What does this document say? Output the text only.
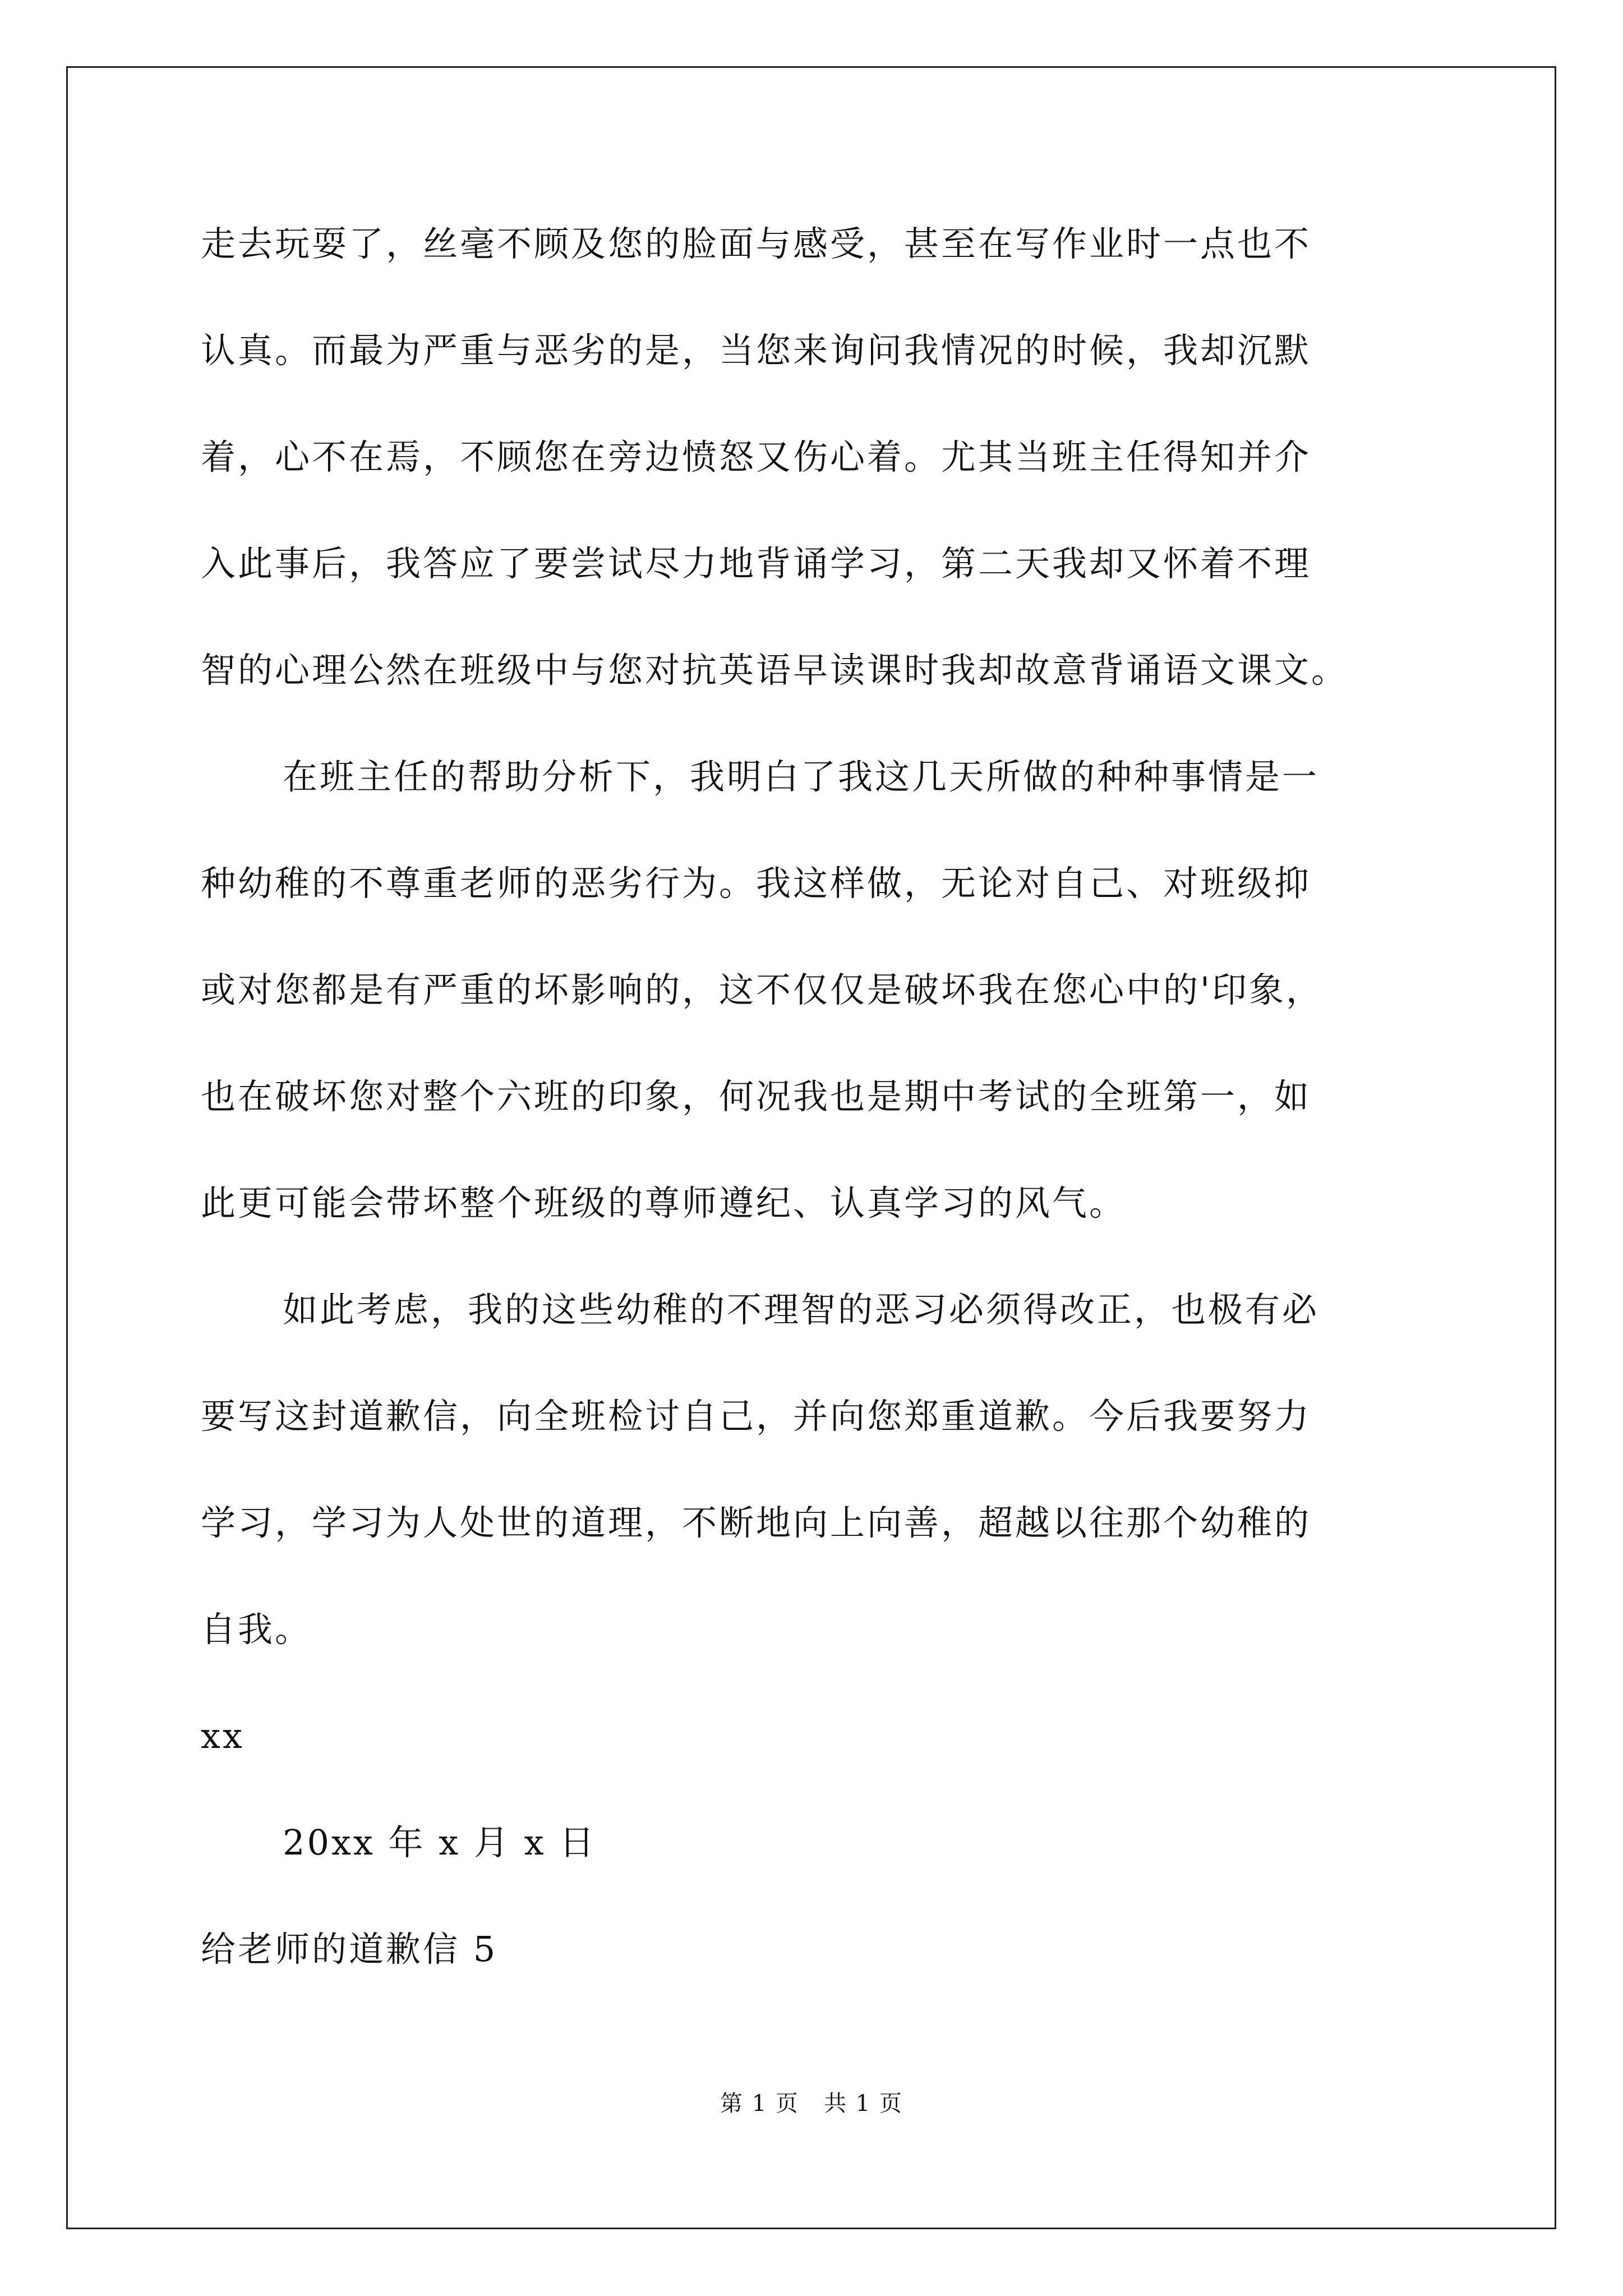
走去玩耍了，丝毫不顾及您的脸面与感受，甚至在写作业时一点也不
认真。而最为严重与恶劣的是，当您来询问我情况的时候，我却沉默
着，心不在焉，不顾您在旁边愤怒又伤心着。尤其当班主任得知并介
入此事后，我答应了要尝试尽力地背诵学习，第二天我却又怀着不理
智的心理公然在班级中与您对抗英语早读课时我却故意背诵语文课文。
在班主任的帮助分析下，我明白了我这几天所做的种种事情是一
种幼稚的不尊重老师的恶劣行为。我这样做，无论对自己、对班级抑
或对您都是有严重的坏影响的，这不仅仅是破坏我在您心中的'印象，
也在破坏您对整个六班的印象，何况我也是期中考试的全班第一，如
此更可能会带坏整个班级的尊师遵纪、认真学习的风气。
如此考虑，我的这些幼稚的不理智的恶习必须得改正，也极有必
要写这封道歉信，向全班检讨自己，并向您郑重道歉。今后我要努力
学习，学习为人处世的道理，不断地向上向善，超越以往那个幼稚的
自我。
xx
20xx 年 x 月 x 日
给老师的道歉信 5
第 1 页   共 1 页
